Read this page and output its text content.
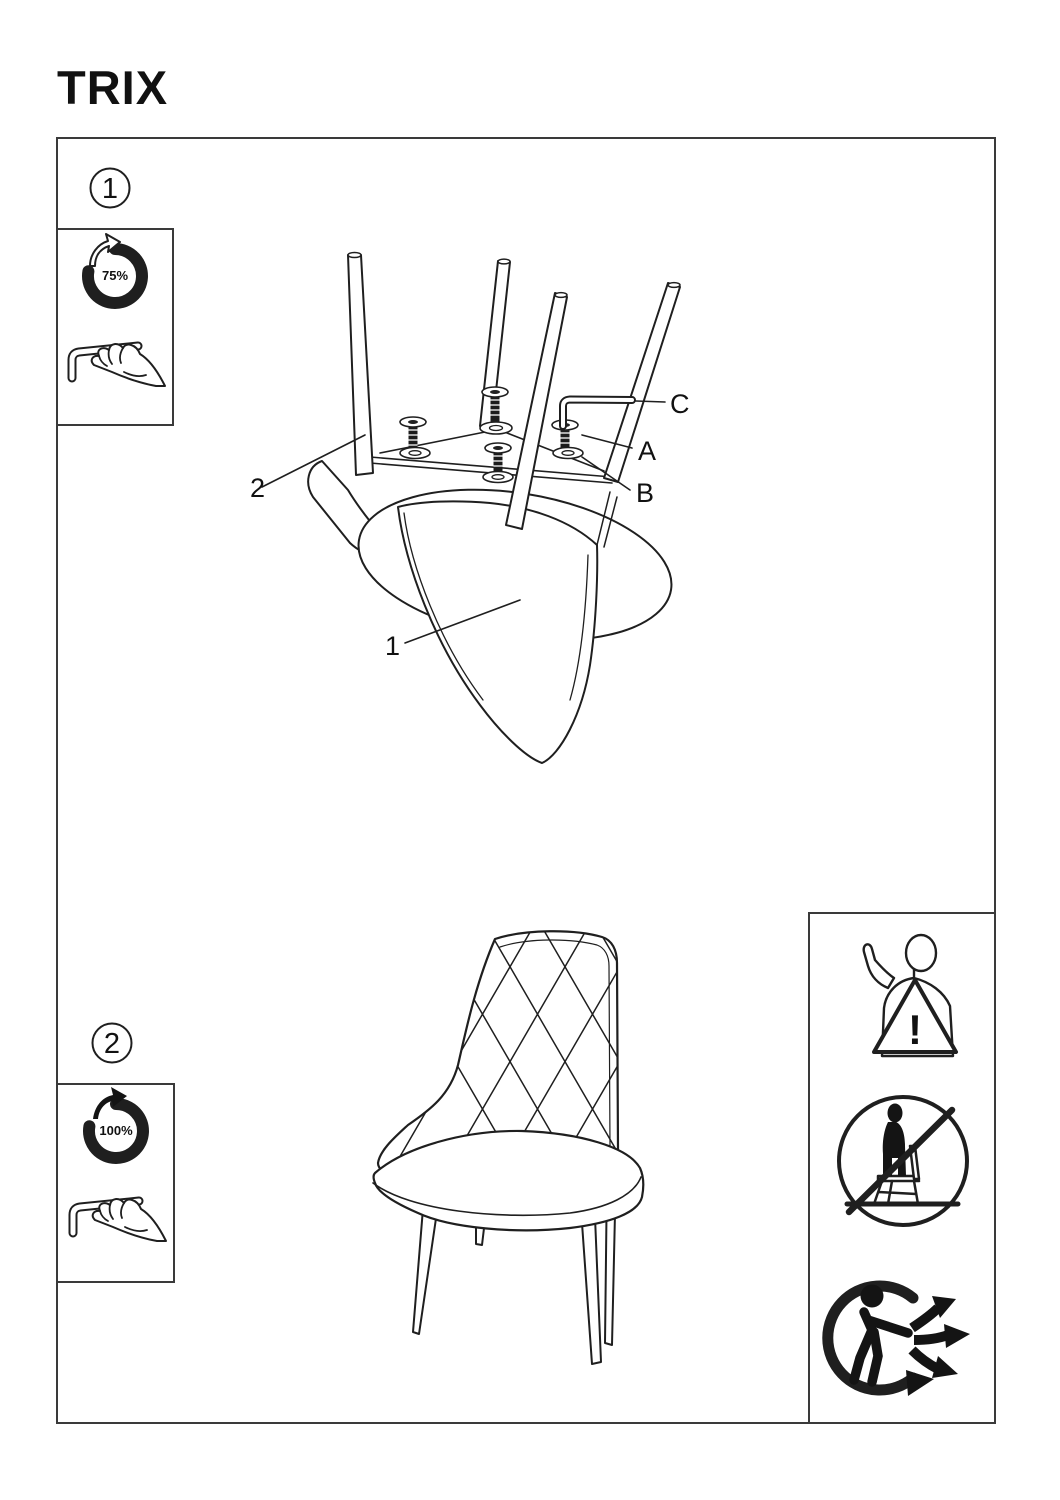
TRIX
1
75%
2
1
C
A
B
2
100%
!
